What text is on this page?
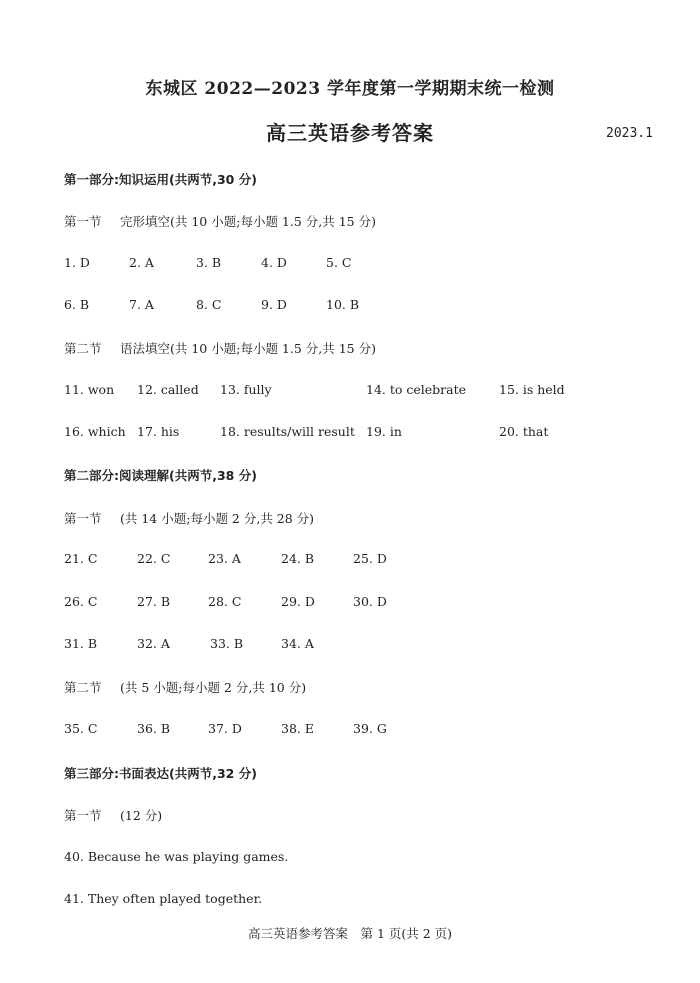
东城区 2022—2023 学年度第一学期期末统一检测
高三英语参考答案	2023.1
第一部分:知识运用(共两节,30 分)
第一节 完形填空(共 10 小题;每小题 1.5 分,共 15 分)
1. D	2. A	3. B	4. D	5. C
6. B	7. A	8. C	9. D	10. B
第二节 语法填空(共 10 小题;每小题 1.5 分,共 15 分)
11. won 12. called 13. fully	14. to celebrate	15. is held
16. which 17. his	18. results/will result 19. in	20. that
第二部分:阅读理解(共两节,38 分)
第一节 (共 14 小题;每小题 2 分,共 28 分)
21. C	22. C	23. A	24. B	25. D
26. C	27. B	28. C	29. D	30. D
31. B	32. A	33. B	34. A
第二节 (共 5 小题;每小题 2 分,共 10 分)
35. C	36. B	37. D	38. E	39. G
第三部分:书面表达(共两节,32 分)
第一节 (12 分)
40. Because he was playing games.
41. They often played together.
高三英语参考答案　第 1 页(共 2 页)
